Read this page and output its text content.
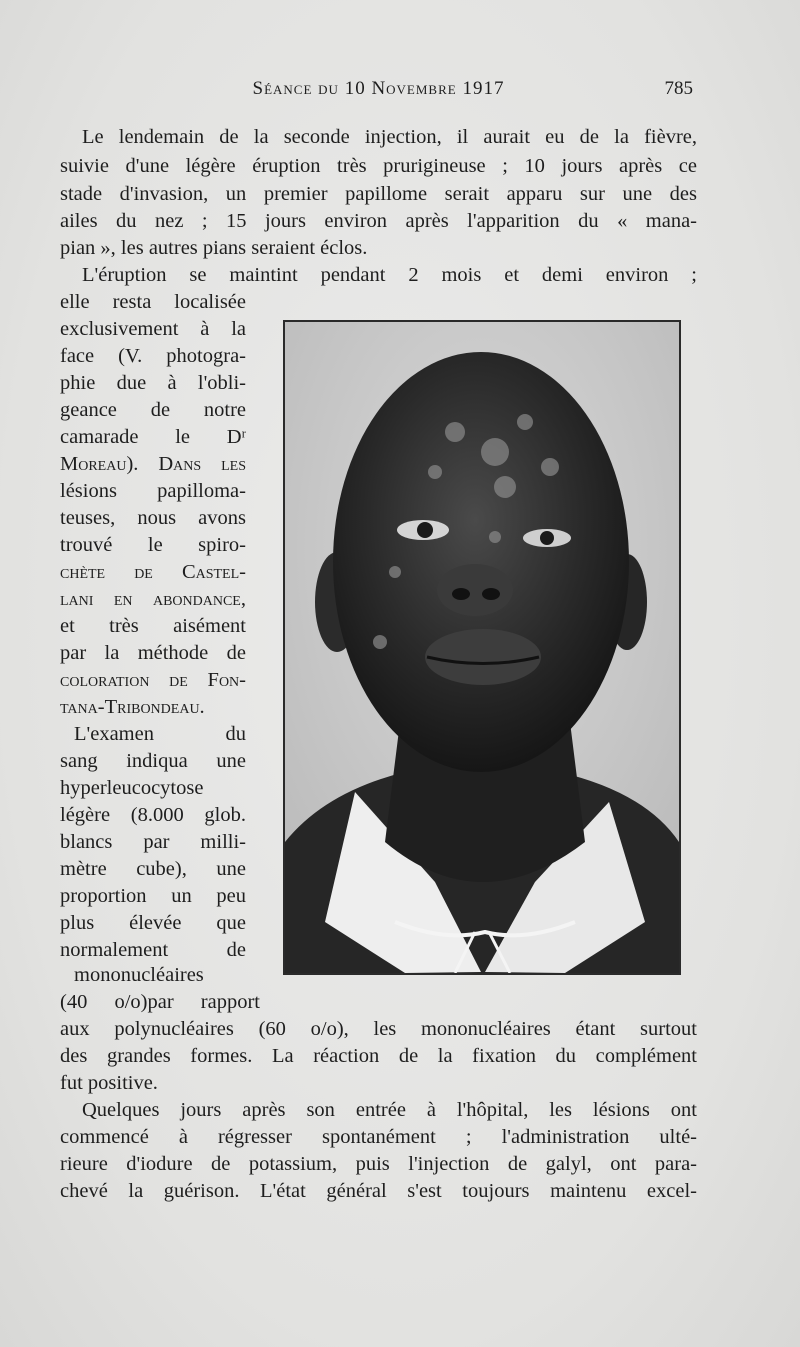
Séance du 10 Novembre 1917	785
Le lendemain de la seconde injection, il aurait eu de la fièvre,
suivie d'une légère éruption très prurigineuse ; 10 jours après ce
stade d'invasion, un premier papillome serait apparu sur une des
ailes du nez ; 15 jours environ après l'apparition du « mana-
pian », les autres pians seraient éclos.
L'éruption se maintint pendant 2 mois et demi environ ;
elle resta localisée
exclusivement à la
face (V. photogra-
phie due à l'obli-
geance de notre
camarade le Dʳ
Moreau). Dans les
lésions papilloma-
teuses, nous avons
trouvé le spiro-
chète de Castel-
lani en abondance,
et très aisément
par la méthode de
coloration de Fon-
tana-Tribondeau.
L'examen du
sang indiqua une
hyperleucocytose
légère (8.000 glob.
blancs par milli-
mètre cube), une
proportion un peu
plus élevée que
normalement de
mononucléaires
(40 o/o)par rapport
aux polynucléaires (60 o/o), les mononucléaires étant surtout
des grandes formes. La réaction de la fixation du complément
fut positive.
Quelques jours après son entrée à l'hôpital, les lésions ont
commencé à régresser spontanément ; l'administration ulté-
rieure d'iodure de potassium, puis l'injection de galyl, ont para-
chevé la guérison. L'état général s'est toujours maintenu excel-
